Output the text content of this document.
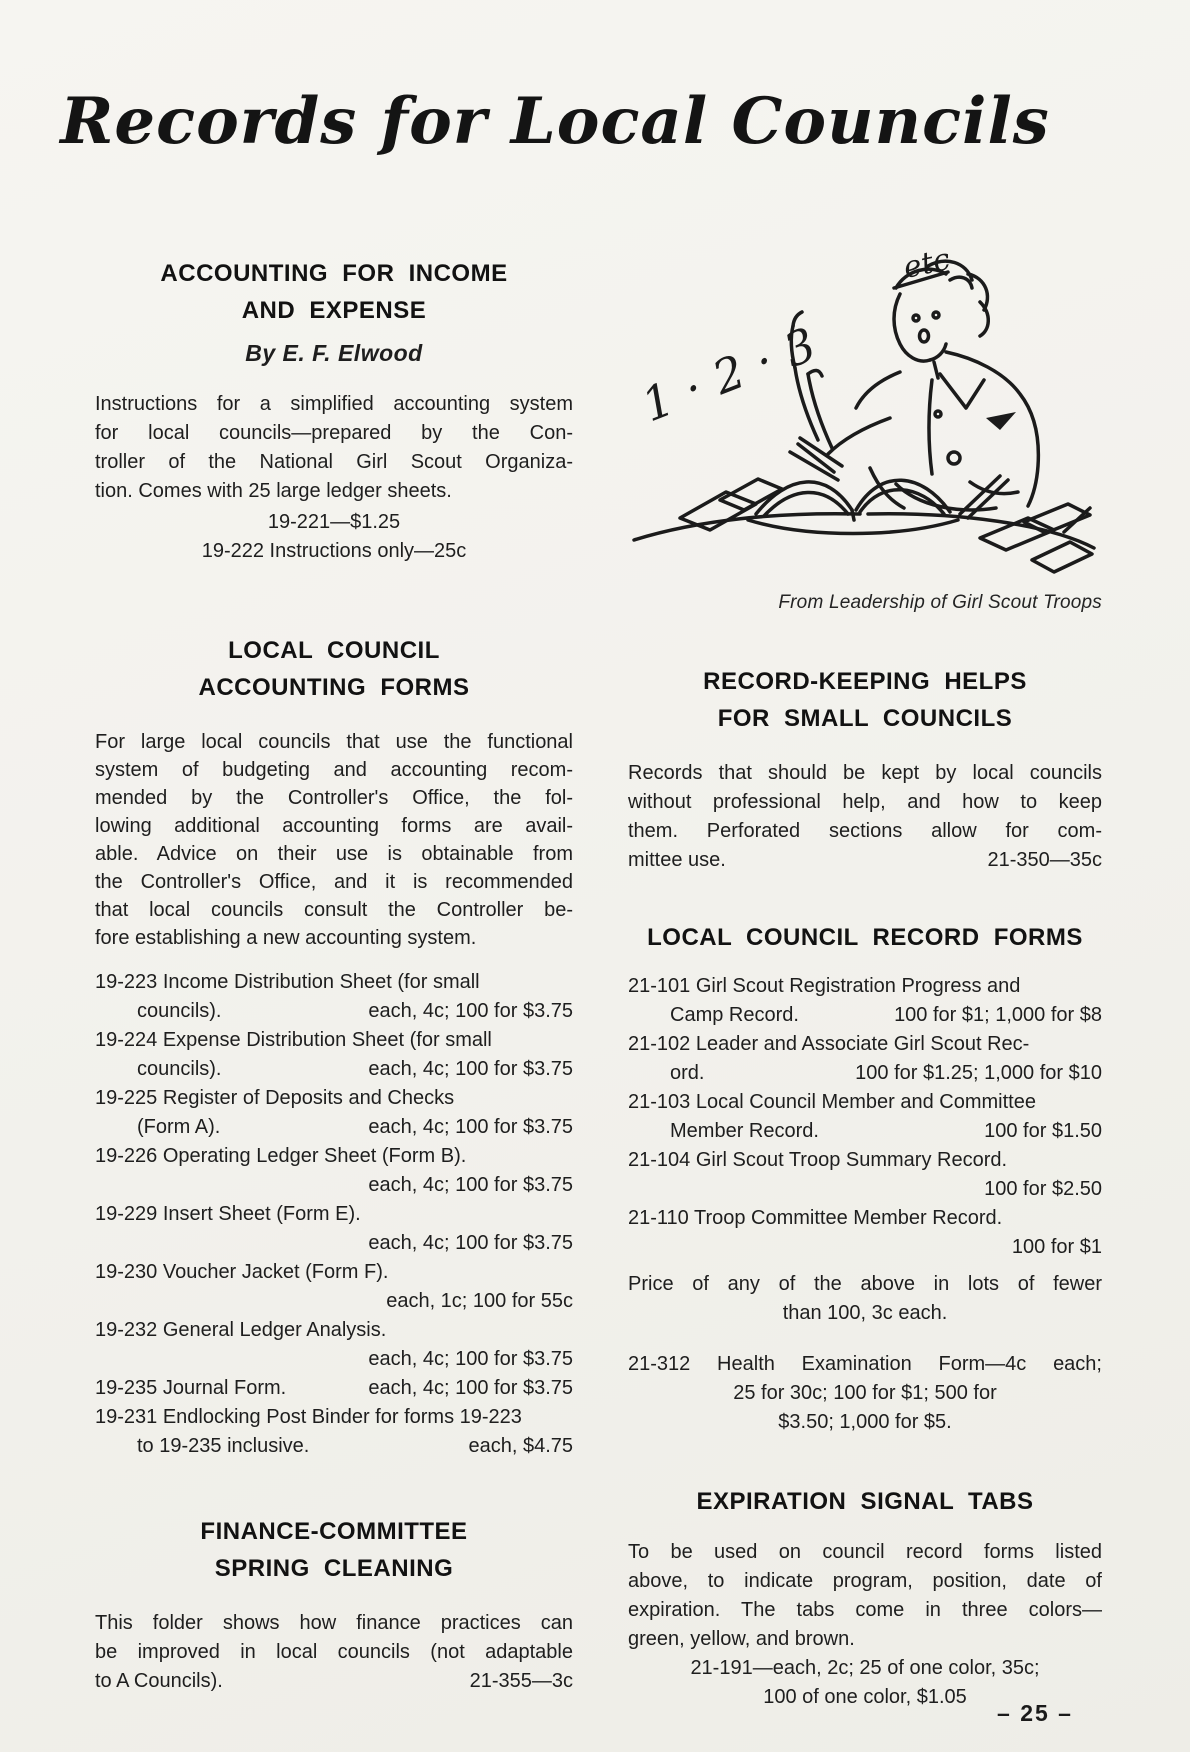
Records for Local Councils
ACCOUNTING FOR INCOME
AND EXPENSE
By E. F. Elwood
Instructions for a simplified accounting system
for local councils—prepared by the Con-
troller of the National Girl Scout Organiza-
tion. Comes with 25 large ledger sheets.
19-221—$1.25
19-222 Instructions only—25c
LOCAL COUNCIL
ACCOUNTING FORMS
For large local councils that use the functional
system of budgeting and accounting recom-
mended by the Controller's Office, the fol-
lowing additional accounting forms are avail-
able. Advice on their use is obtainable from
the Controller's Office, and it is recommended
that local councils consult the Controller be-
fore establishing a new accounting system.
19-223 Income Distribution Sheet (for small
councils).	each, 4c; 100 for $3.75
19-224 Expense Distribution Sheet (for small
councils).	each, 4c; 100 for $3.75
19-225 Register of Deposits and Checks
(Form A).	each, 4c; 100 for $3.75
19-226 Operating Ledger Sheet (Form B).
each, 4c; 100 for $3.75
19-229 Insert Sheet (Form E).
each, 4c; 100 for $3.75
19-230 Voucher Jacket (Form F).
each, 1c; 100 for 55c
19-232 General Ledger Analysis.
each, 4c; 100 for $3.75
19-235 Journal Form.	each, 4c; 100 for $3.75
19-231 Endlocking Post Binder for forms 19-223
to 19-235 inclusive.	each, $4.75
FINANCE-COMMITTEE
SPRING CLEANING
This folder shows how finance practices can
be improved in local councils (not adaptable
to A Councils).	21-355—3c
1·2·3
etc
From Leadership of Girl Scout Troops
RECORD-KEEPING HELPS
FOR SMALL COUNCILS
Records that should be kept by local councils
without professional help, and how to keep
them. Perforated sections allow for com-
mittee use.	21-350—35c
LOCAL COUNCIL RECORD FORMS
21-101 Girl Scout Registration Progress and
Camp Record.	100 for $1; 1,000 for $8
21-102 Leader and Associate Girl Scout Rec-
ord.	100 for $1.25; 1,000 for $10
21-103 Local Council Member and Committee
Member Record.	100 for $1.50
21-104 Girl Scout Troop Summary Record.
100 for $2.50
21-110 Troop Committee Member Record.
100 for $1
Price of any of the above in lots of fewer
than 100, 3c each.
21-312 Health Examination Form—4c each;
25 for 30c; 100 for $1; 500 for
$3.50; 1,000 for $5.
EXPIRATION SIGNAL TABS
To be used on council record forms listed
above, to indicate program, position, date of
expiration. The tabs come in three colors—
green, yellow, and brown.
21-191—each, 2c; 25 of one color, 35c;
100 of one color, $1.05
– 25 –
